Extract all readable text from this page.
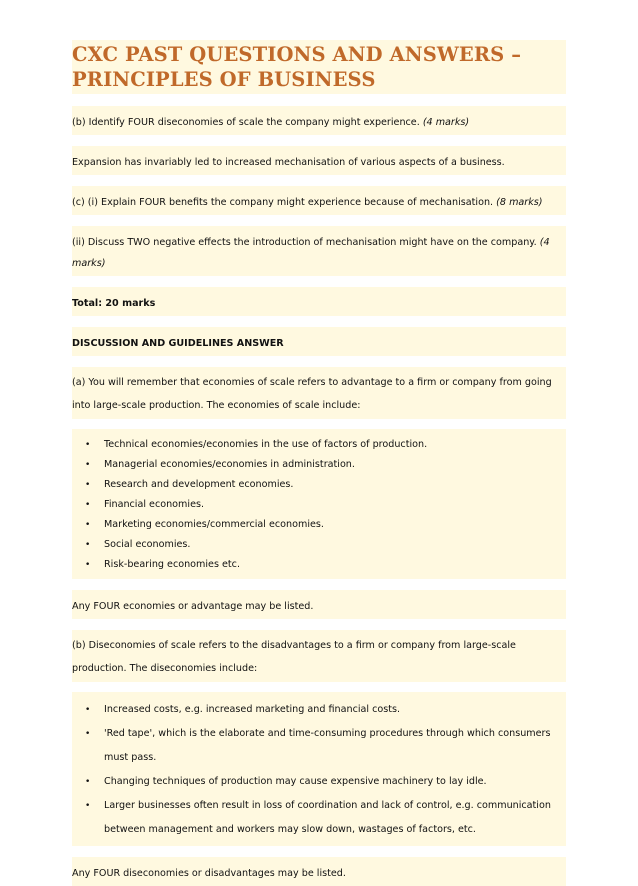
CXC PAST QUESTIONS AND ANSWERS – PRINCIPLES OF BUSINESS
(b) Identify FOUR diseconomies of scale the company might experience. (4 marks)
Expansion has invariably led to increased mechanisation of various aspects of a business.
(c) (i) Explain FOUR benefits the company might experience because of mechanisation. (8 marks)
(ii) Discuss TWO negative effects the introduction of mechanisation might have on the company. (4 marks)
Total: 20 marks
DISCUSSION AND GUIDELINES ANSWER
(a) You will remember that economies of scale refers to advantage to a firm or company from going into large-scale production. The economies of scale include:
• Technical economies/economies in the use of factors of production.
• Managerial economies/economies in administration.
• Research and development economies.
• Financial economies.
• Marketing economies/commercial economies.
• Social economies.
• Risk-bearing economies etc.
Any FOUR economies or advantage may be listed.
(b) Diseconomies of scale refers to the disadvantages to a firm or company from large-scale production. The diseconomies include:
• Increased costs, e.g. increased marketing and financial costs.
• 'Red tape', which is the elaborate and time-consuming procedures through which consumers must pass.
• Changing techniques of production may cause expensive machinery to lay idle.
• Larger businesses often result in loss of coordination and lack of control, e.g. communication between management and workers may slow down, wastages of factors, etc.
Any FOUR diseconomies or disadvantages may be listed.
